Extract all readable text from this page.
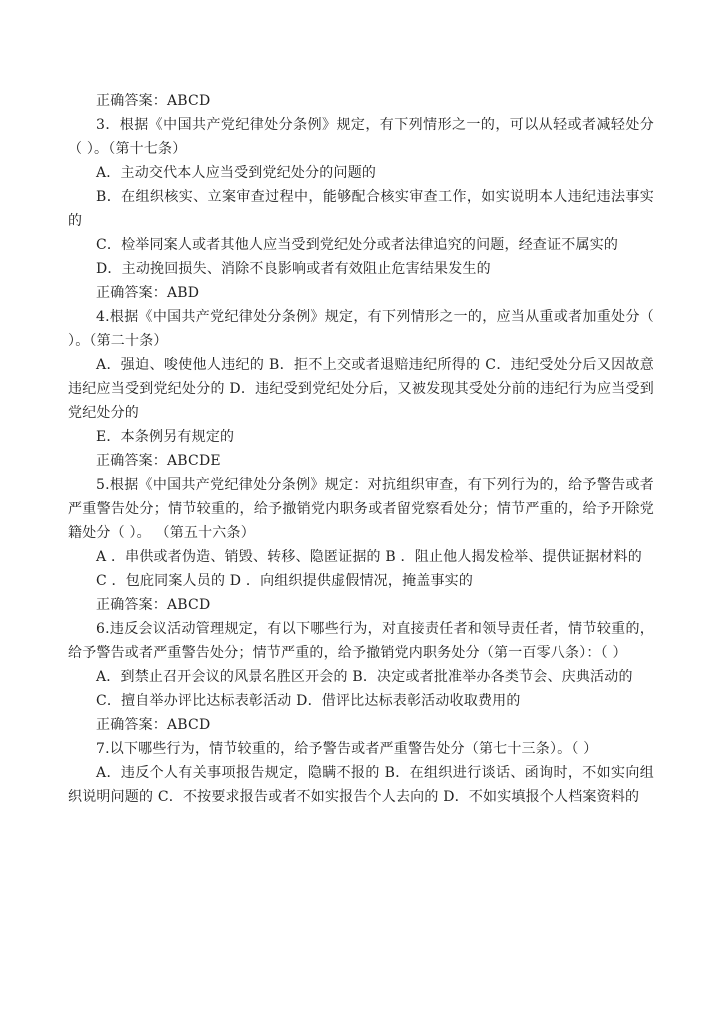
正确答案：ABCD

3．根据《中国共产党纪律处分条例》规定，有下列情形之一的，可以从轻或者减轻处分（ ）。（第十七条）

A．主动交代本人应当受到党纪处分的问题的

B．在组织核实、立案审查过程中，能够配合核实审查工作，如实说明本人违纪违法事实的

C．检举同案人或者其他人应当受到党纪处分或者法律追究的问题，经查证不属实的

D．主动挽回损失、消除不良影响或者有效阻止危害结果发生的

正确答案：ABD

4.根据《中国共产党纪律处分条例》规定，有下列情形之一的，应当从重或者加重处分（ ）。（第二十条）

A．强迫、唆使他人违纪的 B．拒不上交或者退赔违纪所得的 C．违纪受处分后又因故意违纪应当受到党纪处分的 D．违纪受到党纪处分后，又被发现其受处分前的违纪行为应当受到党纪处分的

E．本条例另有规定的

正确答案：ABCDE

5.根据《中国共产党纪律处分条例》规定：对抗组织审查，有下列行为的，给予警告或者严重警告处分；情节较重的，给予撤销党内职务或者留党察看处分；情节严重的，给予开除党籍处分（ ）。 （第五十六条）

A ．串供或者伪造、销毁、转移、隐匿证据的 B ．阻止他人揭发检举、提供证据材料的

C ．包庇同案人员的 D ．向组织提供虚假情况，掩盖事实的

正确答案：ABCD

6.违反会议活动管理规定，有以下哪些行为，对直接责任者和领导责任者，情节较重的，给予警告或者严重警告处分；情节严重的，给予撤销党内职务处分（第一百零八条）：（ ）

A．到禁止召开会议的风景名胜区开会的 B．决定或者批准举办各类节会、庆典活动的

C．擅自举办评比达标表彰活动 D．借评比达标表彰活动收取费用的

正确答案：ABCD

7.以下哪些行为，情节较重的，给予警告或者严重警告处分（第七十三条）。（ ）

A．违反个人有关事项报告规定，隐瞒不报的 B．在组织进行谈话、函询时，不如实向组织说明问题的 C．不按要求报告或者不如实报告个人去向的 D．不如实填报个人档案资料的
